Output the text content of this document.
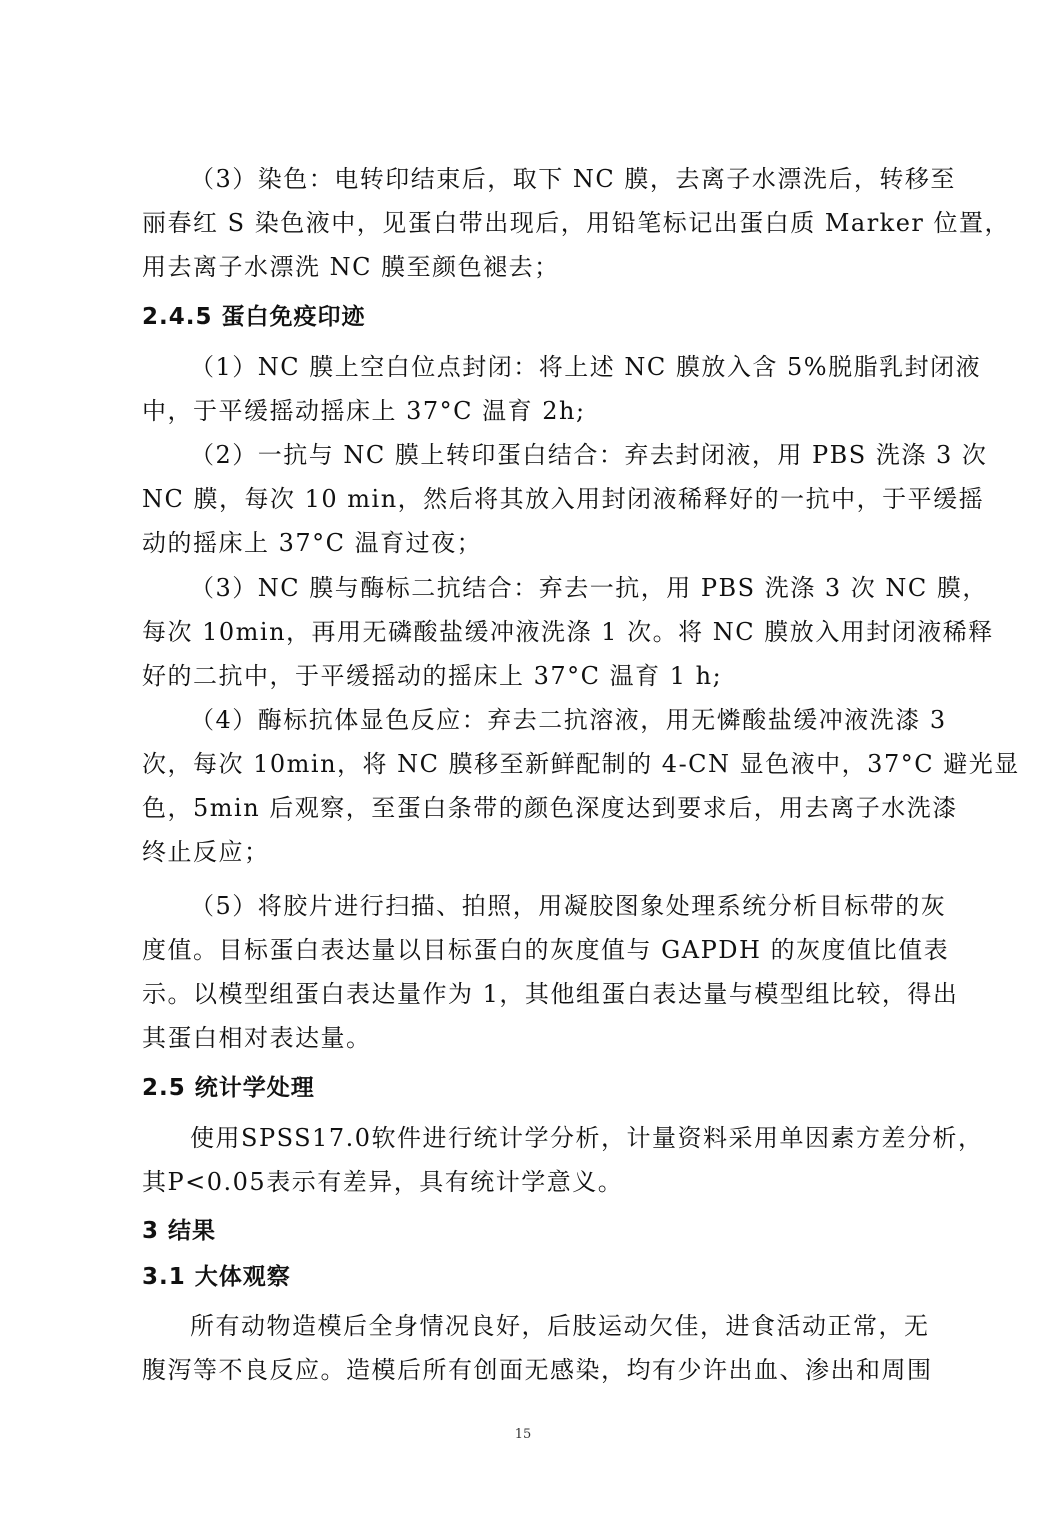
（3）染色：电转印结束后，取下 NC 膜，去离子水漂洗后，转移至
丽春红 S 染色液中，见蛋白带出现后，用铅笔标记出蛋白质 Marker 位置，
用去离子水漂洗 NC 膜至颜色褪去；
2.4.5 蛋白免疫印迹
（1）NC 膜上空白位点封闭：将上述 NC 膜放入含 5%脱脂乳封闭液
中，于平缓摇动摇床上 37°C 温育 2h;
（2）一抗与 NC 膜上转印蛋白结合：弃去封闭液，用 PBS 洗涤 3 次
NC 膜，每次 10 min，然后将其放入用封闭液稀释好的一抗中，于平缓摇
动的摇床上 37°C 温育过夜；
（3）NC 膜与酶标二抗结合：弃去一抗，用 PBS 洗涤 3 次 NC 膜，
每次 10min，再用无磷酸盐缓冲液洗涤 1 次。将 NC 膜放入用封闭液稀释
好的二抗中，于平缓摇动的摇床上 37°C 温育 1 h;
（4）酶标抗体显色反应：弃去二抗溶液，用无憐酸盐缓冲液洗漆 3
次，每次 10min，将 NC 膜移至新鲜配制的 4-CN 显色液中，37°C 避光显
色，5min 后观察，至蛋白条带的颜色深度达到要求后，用去离子水洗漆
终止反应；
（5）将胶片进行扫描、拍照，用凝胶图象处理系统分析目标带的灰
度值。目标蛋白表达量以目标蛋白的灰度值与 GAPDH 的灰度值比值表
示。以模型组蛋白表达量作为 1，其他组蛋白表达量与模型组比较，得出
其蛋白相对表达量。
2.5 统计学处理
使用SPSS17.0软件进行统计学分析，计量资料采用单因素方差分析，
其P<0.05表示有差异，具有统计学意义。
3 结果
3.1 大体观察
所有动物造模后全身情况良好，后肢运动欠佳，进食活动正常，无
腹泻等不良反应。造模后所有创面无感染，均有少许出血、渗出和周围
15
